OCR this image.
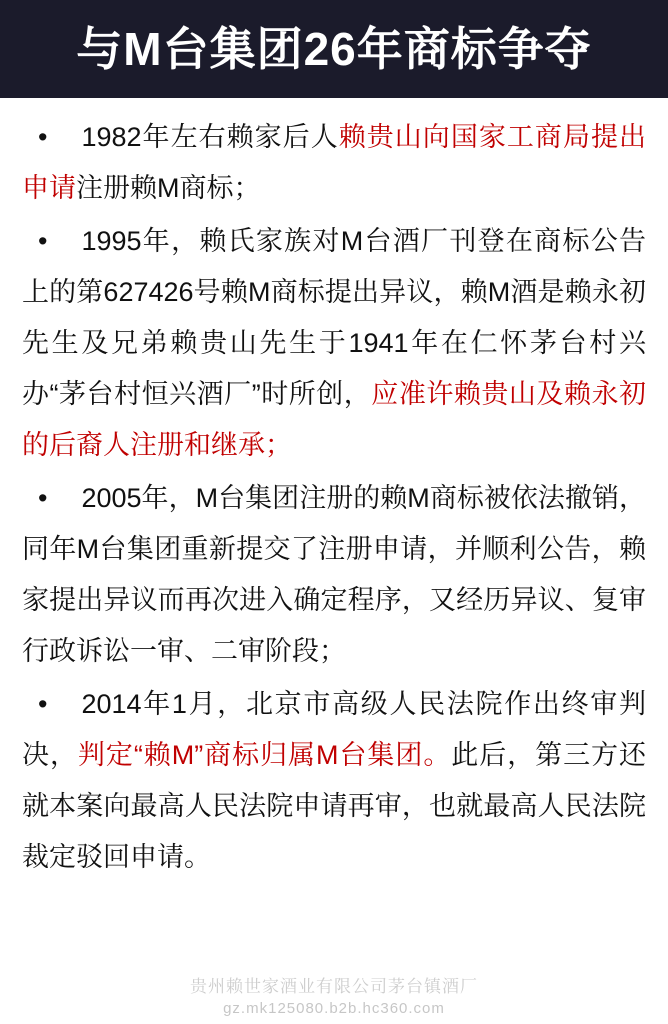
与M台集团26年商标争夺

• 1982年左右赖家后人赖贵山向国家工商局提出申请注册赖M商标；

• 1995年，赖氏家族对M台酒厂刊登在商标公告上的第627426号赖M商标提出异议，赖M酒是赖永初先生及兄弟赖贵山先生于1941年在仁怀茅台村兴办“茅台村恒兴酒厂”时所创，应准许赖贵山及赖永初的后裔人注册和继承；

• 2005年，M台集团注册的赖M商标被依法撤销，同年M台集团重新提交了注册申请，并顺利公告，赖家提出异议而再次进入确定程序，又经历异议、复审行政诉讼一审、二审阶段；

• 2014年1月，北京市高级人民法院作出终审判决，判定“赖M”商标归属M台集团。此后，第三方还就本案向最高人民法院申请再审，也就最高人民法院裁定驳回申请。

贵州赖世家酒业有限公司茅台镇酒厂
gz.mk125080.b2b.hc360.com
